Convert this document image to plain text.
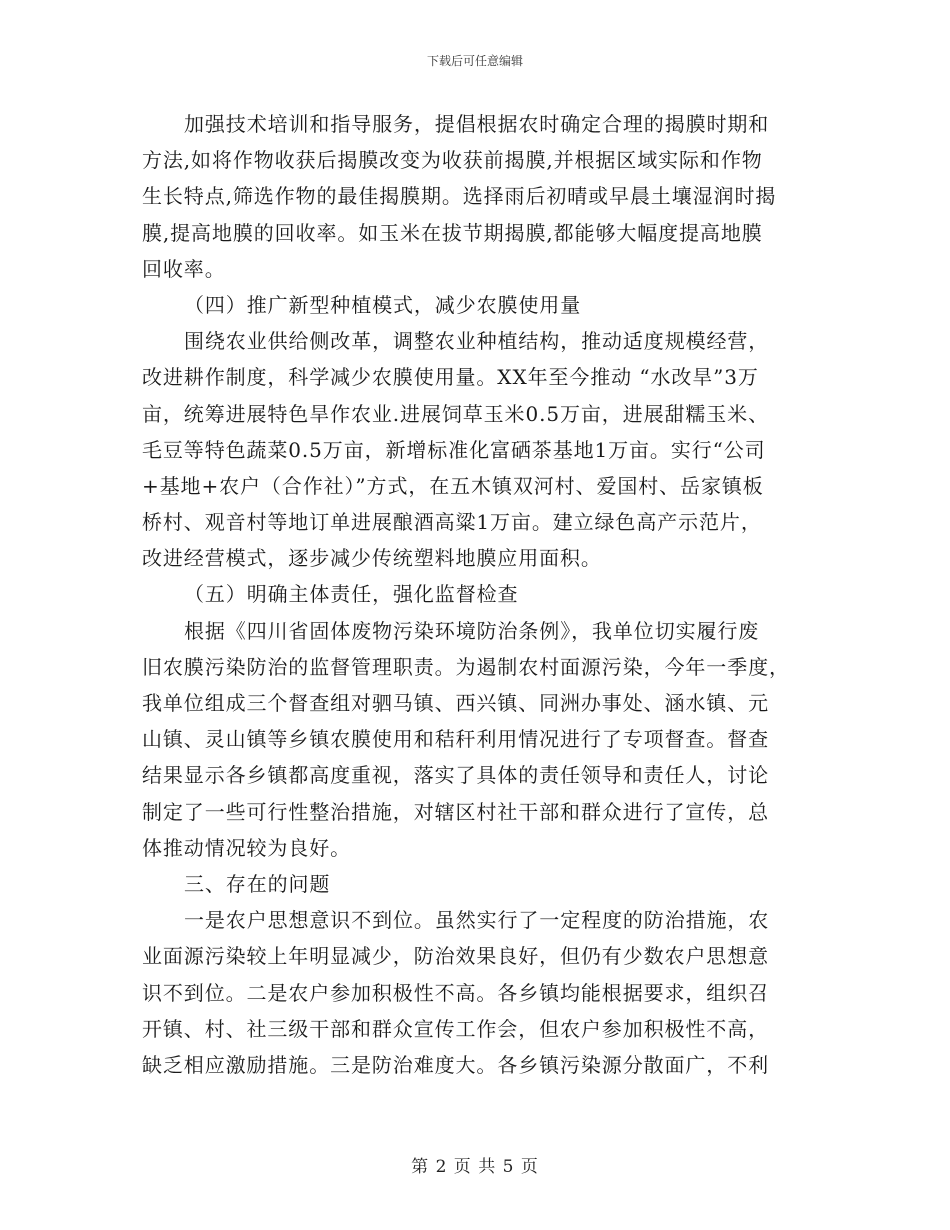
下载后可任意编辑
加强技术培训和指导服务，提倡根据农时确定合理的揭膜时期和
方法,如将作物收获后揭膜改变为收获前揭膜,并根据区域实际和作物
生长特点,筛选作物的最佳揭膜期。选择雨后初晴或早晨土壤湿润时揭
膜,提高地膜的回收率。如玉米在拔节期揭膜,都能够大幅度提高地膜
回收率。
（四）推广新型种植模式，减少农膜使用量
围绕农业供给侧改革，调整农业种植结构，推动适度规模经营，
改进耕作制度，科学减少农膜使用量。XX年至今推动 “水改旱”3万
亩，统筹进展特色旱作农业.进展饲草玉米0.5万亩，进展甜糯玉米、
毛豆等特色蔬菜0.5万亩，新增标准化富硒茶基地1万亩。实行“公司
+基地+农户（合作社）”方式，在五木镇双河村、爱国村、岳家镇板
桥村、观音村等地订单进展酿酒高粱1万亩。建立绿色高产示范片，
改进经营模式，逐步减少传统塑料地膜应用面积。
（五）明确主体责任，强化监督检查
根据《四川省固体废物污染环境防治条例》，我单位切实履行废
旧农膜污染防治的监督管理职责。为遏制农村面源污染，今年一季度，
我单位组成三个督查组对驷马镇、西兴镇、同洲办事处、涵水镇、元
山镇、灵山镇等乡镇农膜使用和秸秆利用情况进行了专项督查。督查
结果显示各乡镇都高度重视，落实了具体的责任领导和责任人，讨论
制定了一些可行性整治措施，对辖区村社干部和群众进行了宣传，总
体推动情况较为良好。
三、存在的问题
一是农户思想意识不到位。虽然实行了一定程度的防治措施，农
业面源污染较上年明显减少，防治效果良好，但仍有少数农户思想意
识不到位。二是农户参加积极性不高。各乡镇均能根据要求，组织召
开镇、村、社三级干部和群众宣传工作会，但农户参加积极性不高，
缺乏相应激励措施。三是防治难度大。各乡镇污染源分散面广，不利
第 2 页 共 5 页
